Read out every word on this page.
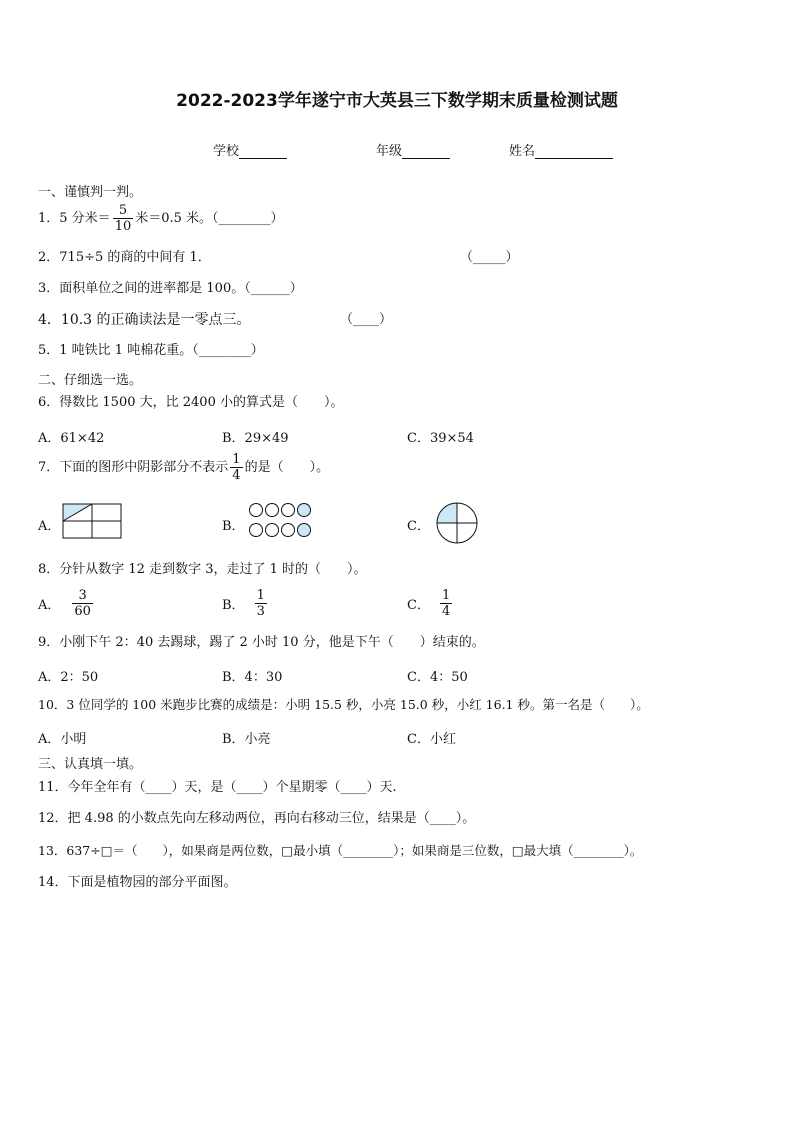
2022-2023学年遂宁市大英县三下数学期末质量检测试题
学校	年级	姓名
一、谨慎判一判。
1．5 分米＝ $\frac{5}{10}$ 米＝0.5 米。（________）
2．715÷5 的商的中间有 1．	（_____）
3．面积单位之间的进率都是 100。（______）
4．10.3 的正确读法是一零点三。	（____）
5．1 吨铁比 1 吨棉花重。（________）
二、仔细选一选。
6．得数比 1500 大，比 2400 小的算式是（　　）。
A．61×42	B．29×49	C．39×54
7．下面的图形中阴影部分不表示 $\frac{1}{4}$ 的是（　　）。
A．	B．	C．
8．分针从数字 12 走到数字 3，走过了 1 时的（　　）。
A． $\frac{3}{60}$	B． $\frac{1}{3}$	C． $\frac{1}{4}$
9．小刚下午 2：40 去踢球，踢了 2 小时 10 分，他是下午（　　）结束的。
A．2：50	B．4：30	C．4：50
10．3 位同学的 100 米跑步比赛的成绩是：小明 15.5 秒，小亮 15.0 秒，小红 16.1 秒。第一名是（　　）。
A．小明	B．小亮	C．小红
三、认真填一填。
11．今年全年有（____）天，是（____）个星期零（____）天.
12．把 4.98 的小数点先向左移动两位，再向右移动三位，结果是（____）。
13．637÷□＝（　　），如果商是两位数，□最小填（________）；如果商是三位数，□最大填（________）。
14．下面是植物园的部分平面图。
